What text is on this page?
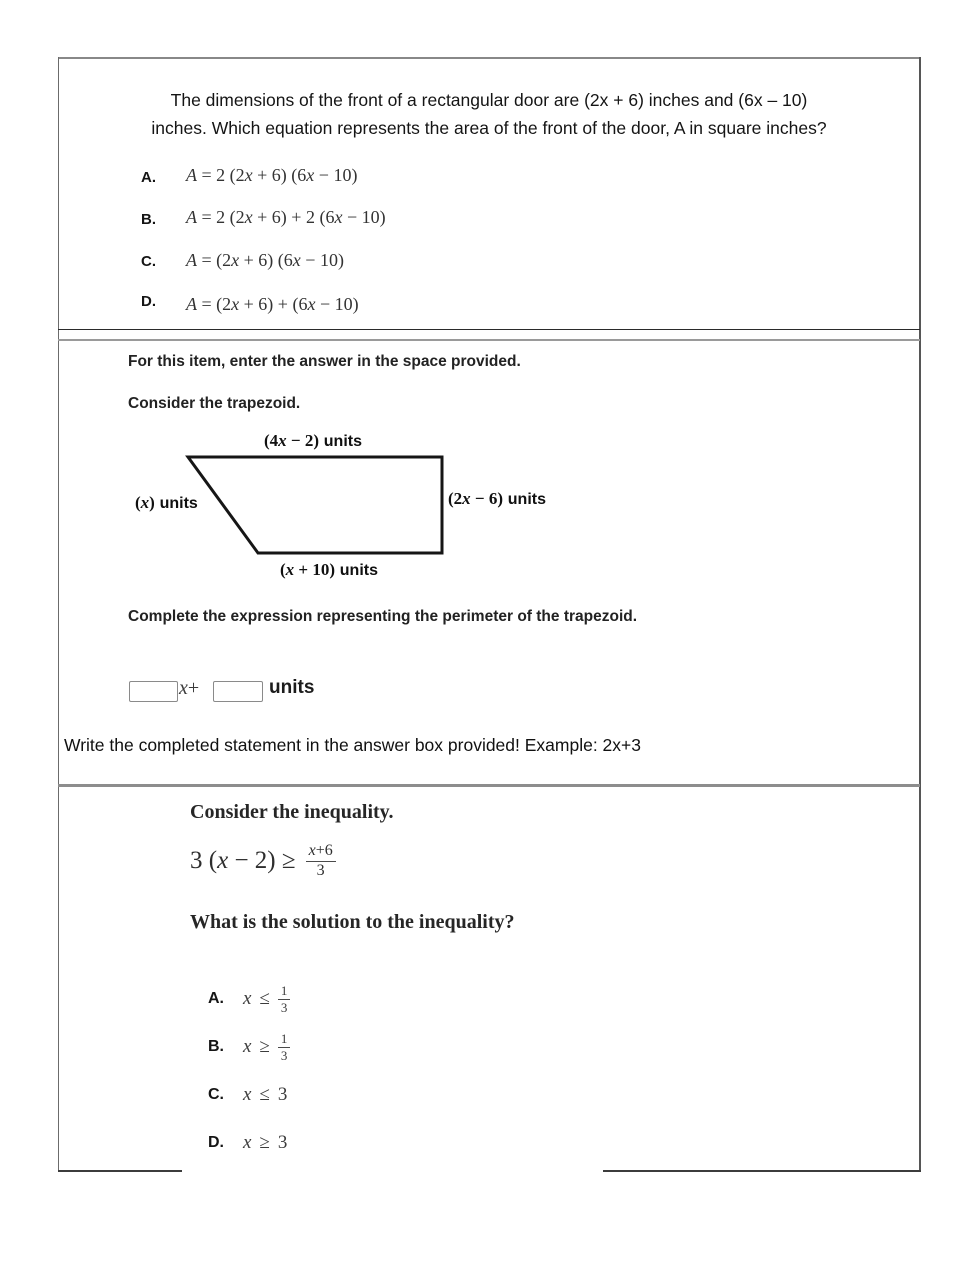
The dimensions of the front of a rectangular door are (2x + 6) inches and (6x – 10)
inches. Which equation represents the area of the front of the door, A in square inches?
A. A = 2 (2x + 6) (6x − 10)
B. A = 2 (2x + 6) + 2 (6x − 10)
C. A = (2x + 6) (6x − 10)
D. A = (2x + 6) + (6x − 10)
For this item, enter the answer in the space provided.
Consider the trapezoid.
(4x − 2) units
(x) units	(2x − 6) units
(x + 10) units
Complete the expression representing the perimeter of the trapezoid.
x+	units
Write the completed statement in the answer box provided! Example: 2x+3
Consider the inequality.
3 $(x - 2) \ge \frac{x+6}{3}$
What is the solution to the inequality?
A. $x \le \frac{1}{3}$
B. $x \ge \frac{1}{3}$
C. x ≤ 3
D. x ≥ 3
